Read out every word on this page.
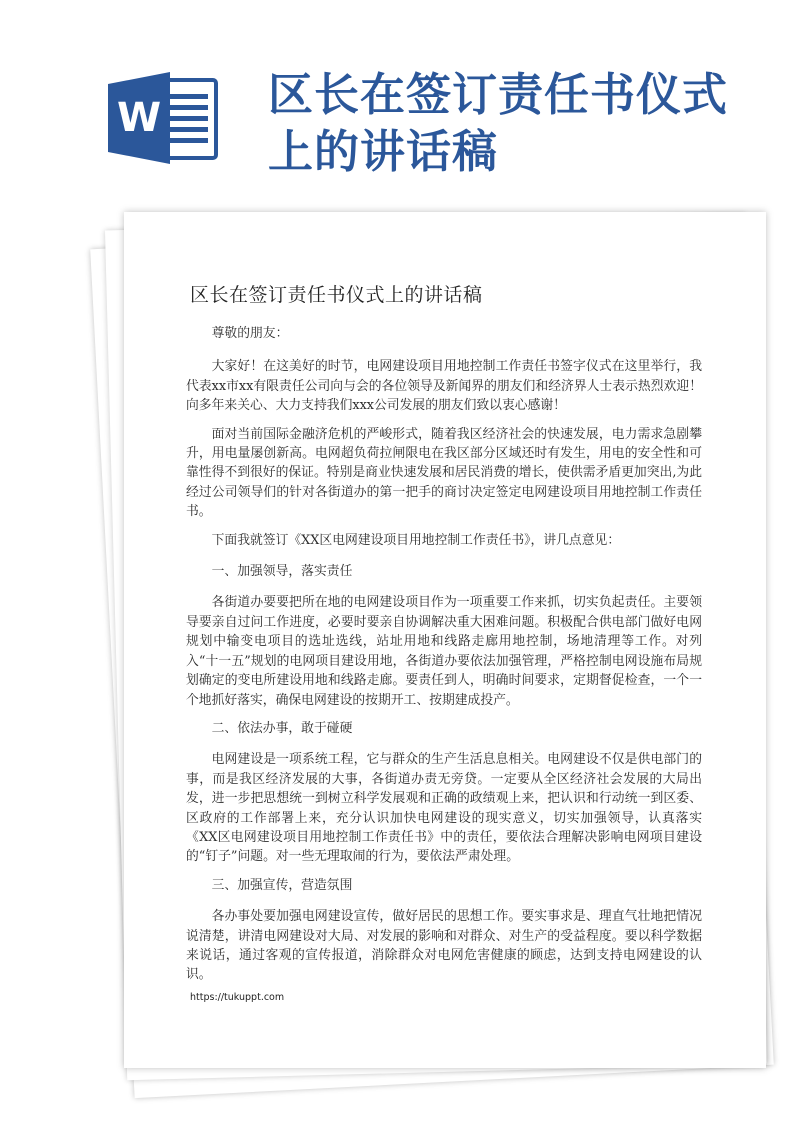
W 区长在签订责任书仪式上的讲话稿
区长在签订责任书仪式上的讲话稿

尊敬的朋友：

大家好！在这美好的时节，电网建设项目用地控制工作责任书签字仪式在这里举行，我代表xx市xx有限责任公司向与会的各位领导及新闻界的朋友们和经济界人士表示热烈欢迎！向多年来关心、大力支持我们xxx公司发展的朋友们致以衷心感谢！

面对当前国际金融济危机的严峻形式，随着我区经济社会的快速发展，电力需求急剧攀升，用电量屡创新高。电网超负荷拉闸限电在我区部分区域还时有发生，用电的安全性和可靠性得不到很好的保证。特别是商业快速发展和居民消费的增长，使供需矛盾更加突出,为此经过公司领导们的针对各街道办的第一把手的商讨决定签定电网建设项目用地控制工作责任书。

下面我就签订《XX区电网建设项目用地控制工作责任书》，讲几点意见：

一、加强领导，落实责任

各街道办要要把所在地的电网建设项目作为一项重要工作来抓，切实负起责任。主要领导要亲自过问工作进度，必要时要亲自协调解决重大困难问题。积极配合供电部门做好电网规划中输变电项目的选址选线，站址用地和线路走廊用地控制，场地清理等工作。对列入“十一五”规划的电网项目建设用地，各街道办要依法加强管理，严格控制电网设施布局规划确定的变电所建设用地和线路走廊。要责任到人，明确时间要求，定期督促检查，一个一个地抓好落实，确保电网建设的按期开工、按期建成投产。

二、依法办事，敢于碰硬

电网建设是一项系统工程，它与群众的生产生活息息相关。电网建设不仅是供电部门的事，而是我区经济发展的大事，各街道办责无旁贷。一定要从全区经济社会发展的大局出发，进一步把思想统一到树立科学发展观和正确的政绩观上来，把认识和行动统一到区委、区政府的工作部署上来，充分认识加快电网建设的现实意义，切实加强领导，认真落实《XX区电网建设项目用地控制工作责任书》中的责任，要依法合理解决影响电网项目建设的“钉子”问题。对一些无理取闹的行为，要依法严肃处理。

三、加强宣传，营造氛围

各办事处要加强电网建设宣传，做好居民的思想工作。要实事求是、理直气壮地把情况说清楚，讲清电网建设对大局、对发展的影响和对群众、对生产的受益程度。要以科学数据来说话，通过客观的宣传报道，消除群众对电网危害健康的顾虑，达到支持电网建设的认识。

https://tukuppt.com
